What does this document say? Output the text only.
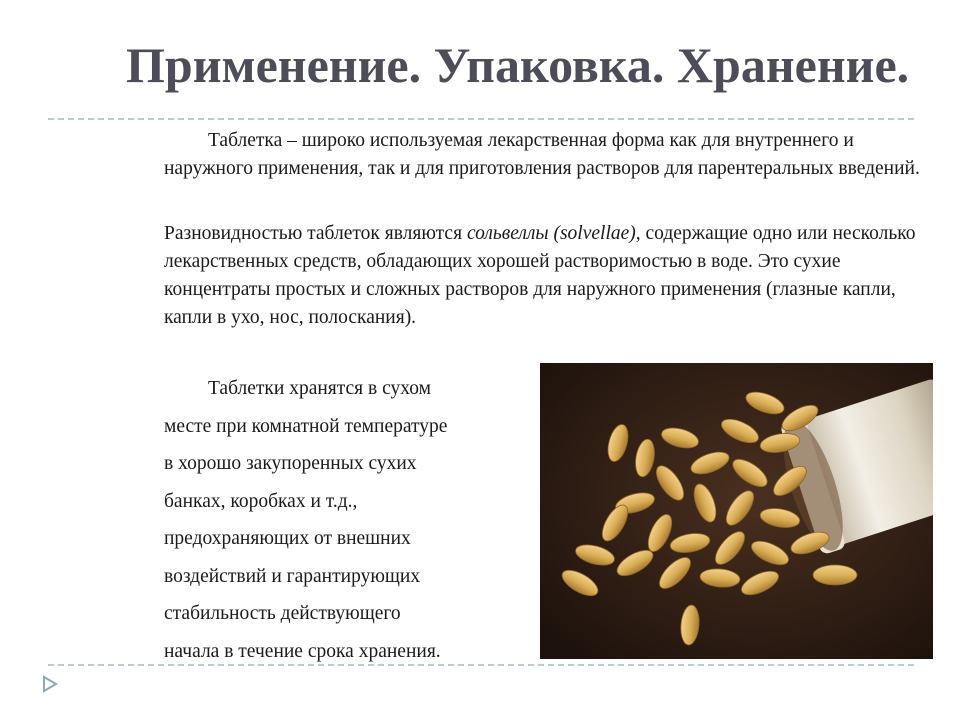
Применение. Упаковка. Хранение.

Таблетка – широко используемая лекарственная форма как для внутреннего и наружного применения, так и для приготовления растворов для парентеральных введений.

Разновидностью таблеток являются сольвеллы (solvellae), содержащие одно или несколько лекарственных средств, обладающих хорошей растворимостью в воде. Это сухие концентраты простых и сложных растворов для наружного применения (глазные капли, капли в ухо, нос, полоскания).

Таблетки хранятся в сухом
месте при комнатной температуре
в хорошо закупоренных сухих
банках, коробках и т.д.,
предохраняющих от внешних
воздействий и гарантирующих
стабильность действующего
начала в течение срока хранения.
